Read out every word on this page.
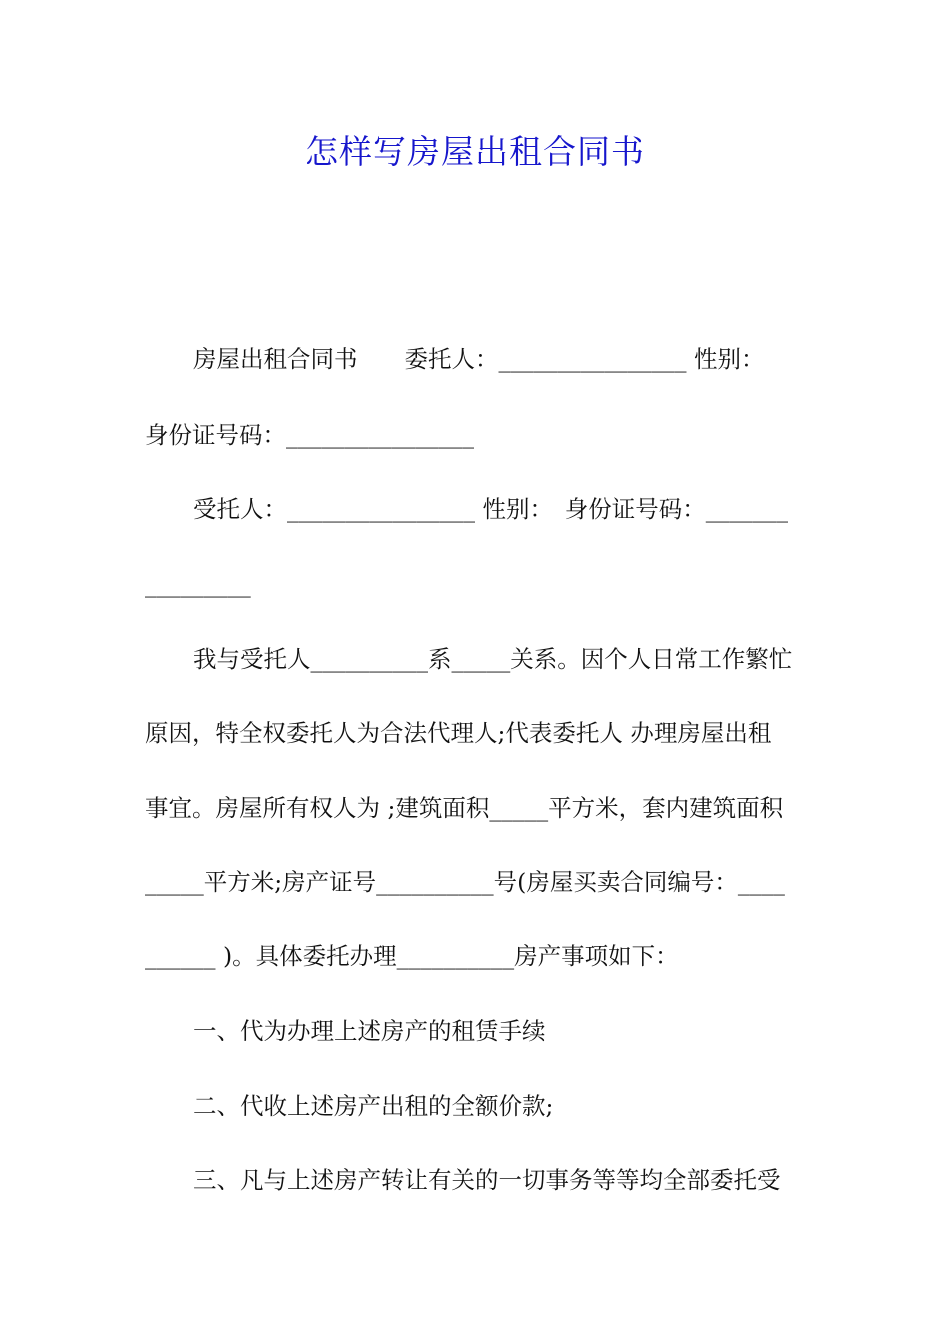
怎样写房屋出租合同书
房屋出租合同书　　委托人：________________ 性别：
身份证号码：________________
受托人：________________ 性别：　身份证号码：_______
_________
我与受托人__________系_____关系。因个人日常工作繁忙
原因，特全权委托人为合法代理人;代表委托人 办理房屋出租
事宜。房屋所有权人为 ;建筑面积_____平方米，套内建筑面积
_____平方米;房产证号__________号(房屋买卖合同编号：____
______ )。具体委托办理__________房产事项如下：
一、代为办理上述房产的租赁手续
二、代收上述房产出租的全额价款;
三、凡与上述房产转让有关的一切事务等等均全部委托受
